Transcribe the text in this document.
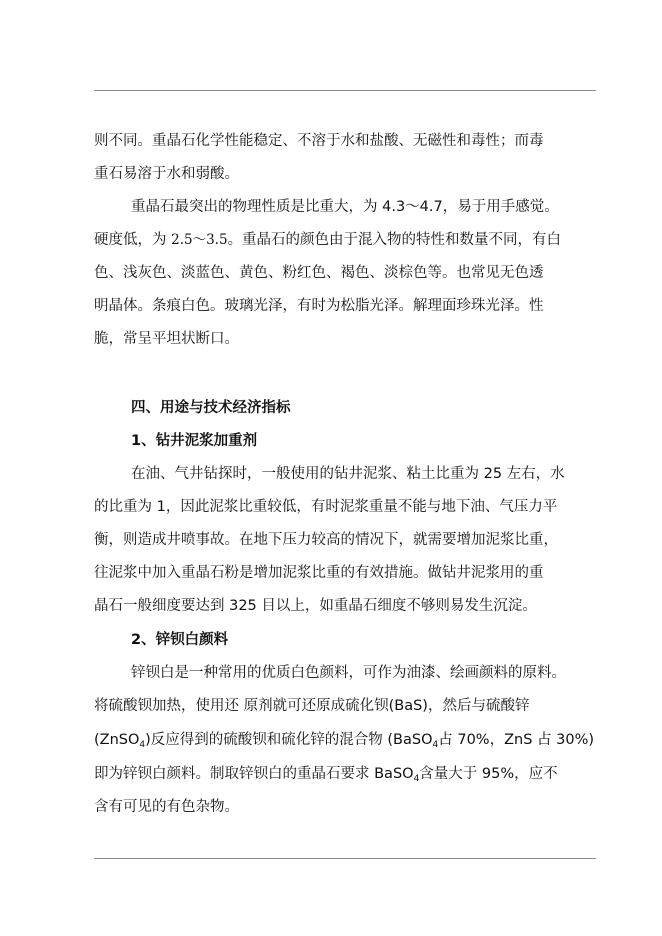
则不同。重晶石化学性能稳定、不溶于水和盐酸、无磁性和毒性；而毒
重石易溶于水和弱酸。
重晶石最突出的物理性质是比重大，为 4.3～4.7，易于用手感觉。
硬度低，为 2.5～3.5。重晶石的颜色由于混入物的特性和数量不同，有白
色、浅灰色、淡蓝色、黄色、粉红色、褐色、淡棕色等。也常见无色透
明晶体。条痕白色。玻璃光泽，有时为松脂光泽。解理面珍珠光泽。性
脆，常呈平坦状断口。
四、用途与技术经济指标
1、钻井泥浆加重剂
在油、气井钻探时，一般使用的钻井泥浆、粘土比重为 25 左右，水
的比重为 1，因此泥浆比重较低，有时泥浆重量不能与地下油、气压力平
衡，则造成井喷事故。在地下压力较高的情况下，就需要增加泥浆比重，
往泥浆中加入重晶石粉是增加泥浆比重的有效措施。做钻井泥浆用的重
晶石一般细度要达到 325 目以上，如重晶石细度不够则易发生沉淀。
2、锌钡白颜料
锌钡白是一种常用的优质白色颜料，可作为油漆、绘画颜料的原料。
将硫酸钡加热，使用还 原剂就可还原成硫化钡(BaS)，然后与硫酸锌
(ZnSO$_4$)反应得到的硫酸钡和硫化锌的混合物 (BaSO$_4$占 70%，ZnS 占 30%)
即为锌钡白颜料。制取锌钡白的重晶石要求 BaSO$_4$含量大于 95%，应不
含有可见的有色杂物。
